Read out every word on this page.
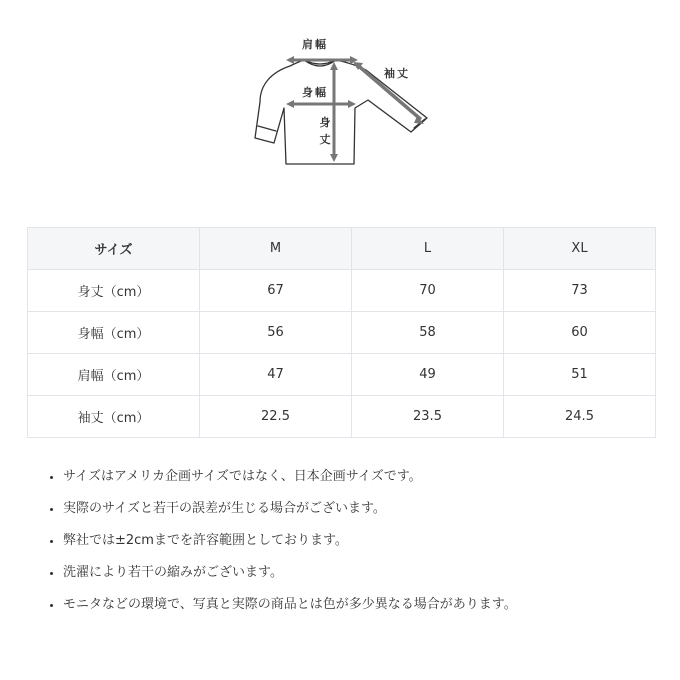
肩幅
袖丈
身幅
身丈
サイズ	M	L	XL
身丈（cm）	67	70	73
身幅（cm）	56	58	60
肩幅（cm）	47	49	51
袖丈（cm）	22.5	23.5	24.5
• サイズはアメリカ企画サイズではなく、日本企画サイズです。
• 実際のサイズと若干の誤差が生じる場合がございます。
• 弊社では±2cmまでを許容範囲としております。
• 洗濯により若干の縮みがございます。
• モニタなどの環境で、写真と実際の商品とは色が多少異なる場合があります。
